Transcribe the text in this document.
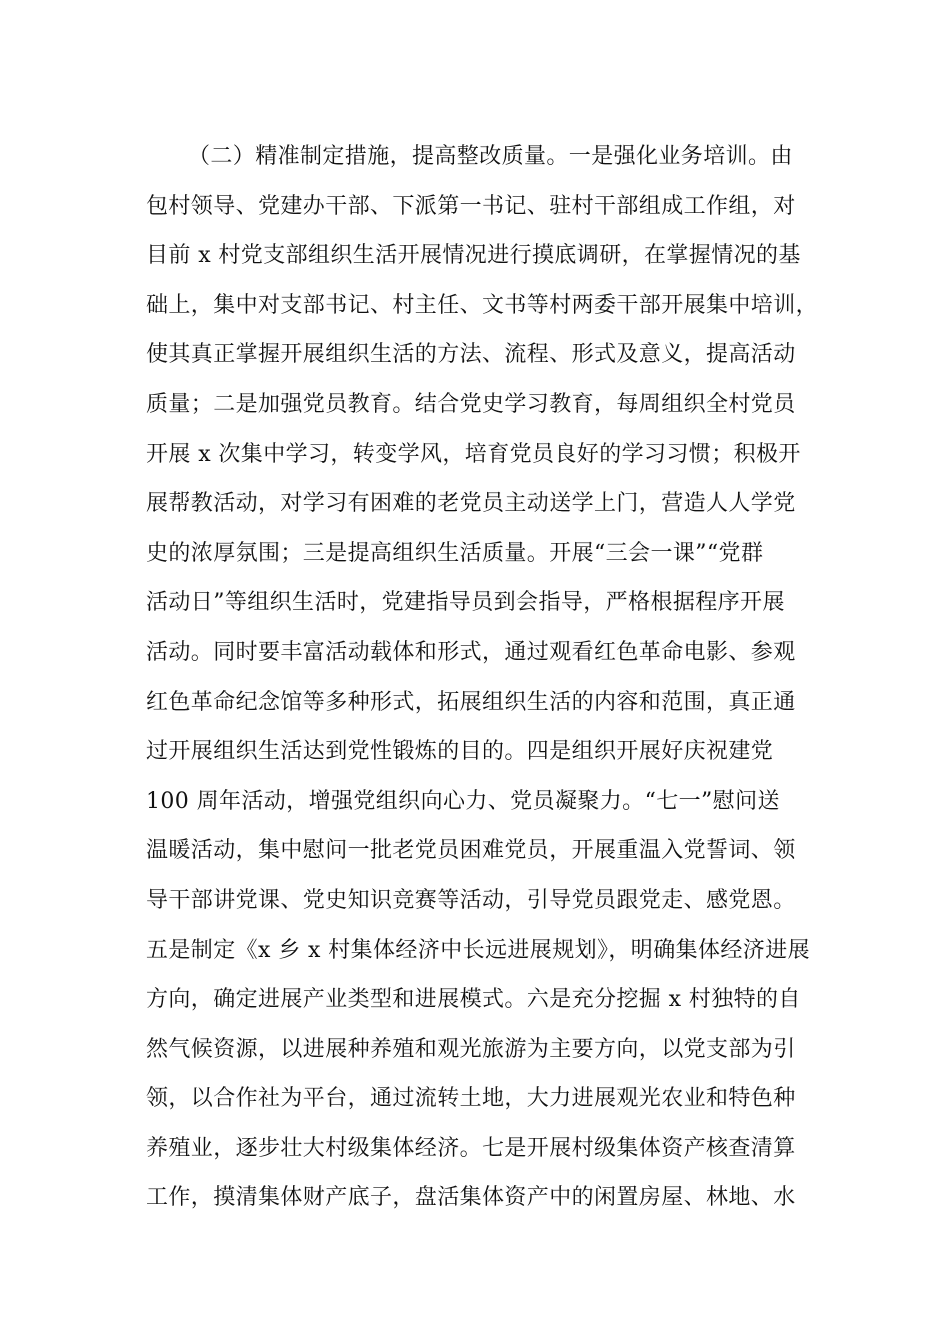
（二）精准制定措施，提高整改质量。一是强化业务培训。由
包村领导、党建办干部、下派第一书记、驻村干部组成工作组，对
目前 x 村党支部组织生活开展情况进行摸底调研，在掌握情况的基
础上，集中对支部书记、村主任、文书等村两委干部开展集中培训，
使其真正掌握开展组织生活的方法、流程、形式及意义，提高活动
质量；二是加强党员教育。结合党史学习教育，每周组织全村党员
开展 x 次集中学习，转变学风，培育党员良好的学习习惯；积极开
展帮教活动，对学习有困难的老党员主动送学上门，营造人人学党
史的浓厚氛围；三是提高组织生活质量。开展“三会一课”“党群
活动日”等组织生活时，党建指导员到会指导，严格根据程序开展
活动。同时要丰富活动载体和形式，通过观看红色革命电影、参观
红色革命纪念馆等多种形式，拓展组织生活的内容和范围，真正通
过开展组织生活达到党性锻炼的目的。四是组织开展好庆祝建党
100 周年活动，增强党组织向心力、党员凝聚力。“七一”慰问送
温暖活动，集中慰问一批老党员困难党员，开展重温入党誓词、领
导干部讲党课、党史知识竞赛等活动，引导党员跟党走、感党恩。
五是制定《x 乡 x 村集体经济中长远进展规划》，明确集体经济进展
方向，确定进展产业类型和进展模式。六是充分挖掘 x 村独特的自
然气候资源，以进展种养殖和观光旅游为主要方向，以党支部为引
领，以合作社为平台，通过流转土地，大力进展观光农业和特色种
养殖业，逐步壮大村级集体经济。七是开展村级集体资产核查清算
工作，摸清集体财产底子，盘活集体资产中的闲置房屋、林地、水
